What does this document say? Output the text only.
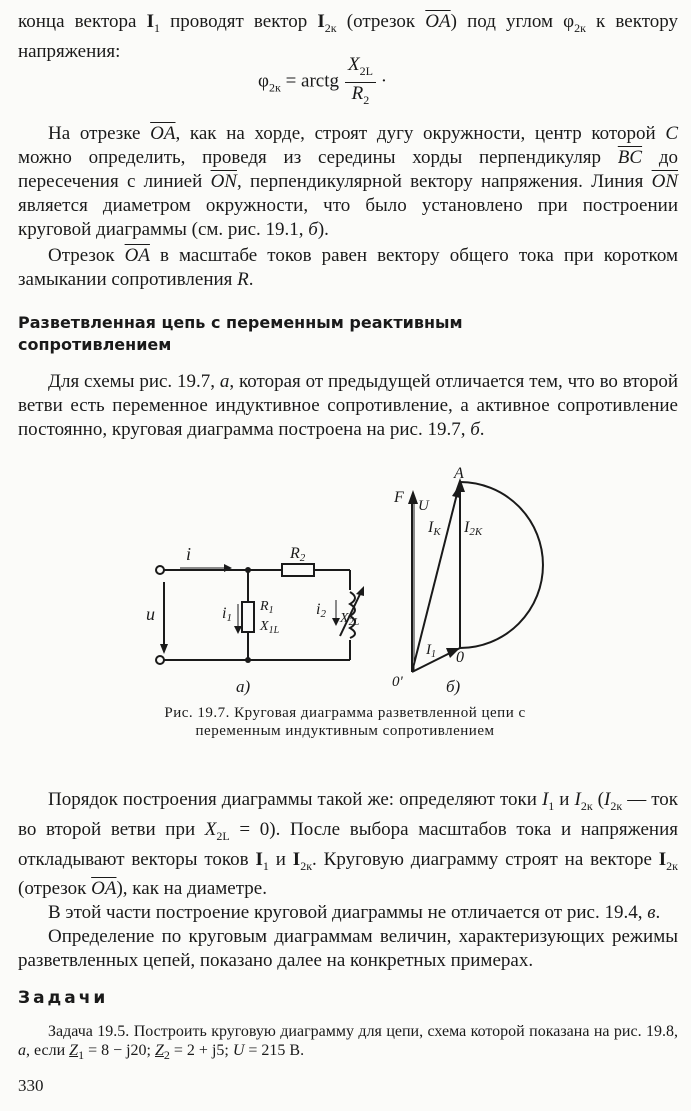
конца вектора $I_1$ проводят вектор $I_{2к}$ (отрезок $\overline{OA}$) под углом $\varphi_{2к}$ к вектору напряжения:

$\varphi_{2к}$ = arctg $\frac{X_{2L}}{R_2}$ ·

На отрезке $\overline{OA}$, как на хорде, строят дугу окружности, центр которой C можно определить, проведя из середины хорды перпендикуляр $\overline{BC}$ до пересечения с линией $\overline{ON}$, перпендикулярной вектору напряжения. Линия $\overline{ON}$ является диаметром окружности, что было установлено при построении круговой диаграммы (см. рис. 19.1, б).

Отрезок $\overline{OA}$ в масштабе токов равен вектору общего тока при коротком замыкании сопротивления R.

Разветвленная цепь с переменным реактивным сопротивлением

Для схемы рис. 19.7, а, которая от предыдущей отличается тем, что во второй ветви есть переменное индуктивное сопротивление, а активное сопротивление постоянно, круговая диаграмма построена на рис. 19.7, б.

i
u
R2
i1
$R_1$
$X_{1L}$
i2 $X_{2L}$
а)
F U
A
IК I2К
$I_1$ 0
0'	б)
Рис. 19.7. Круговая диаграмма разветвленной цепи с переменным индуктивным сопротивлением

Порядок построения диаграммы такой же: определяют токи $I_1$ и $I_{2к}$ ($I_{2к}$ — ток во второй ветви при $X_{2L} = 0$). После выбора масштабов тока и напряжения откладывают векторы токов $I_1$ и $I_{2к}$. Круговую диаграмму строят на векторе $I_{2к}$ (отрезок $\overline{OA}$), как на диаметре.

В этой части построение круговой диаграммы не отличается от рис. 19.4, в.

Определение по круговым диаграммам величин, характеризующих режимы разветвленных цепей, показано далее на конкретных примерах.

Задачи

Задача 19.5. Построить круговую диаграмму для цепи, схема которой показана на рис. 19.8, а, если $Z_1 = 8 - j20$; $Z_2 = 2 + j5$; U = 215 В.

330
